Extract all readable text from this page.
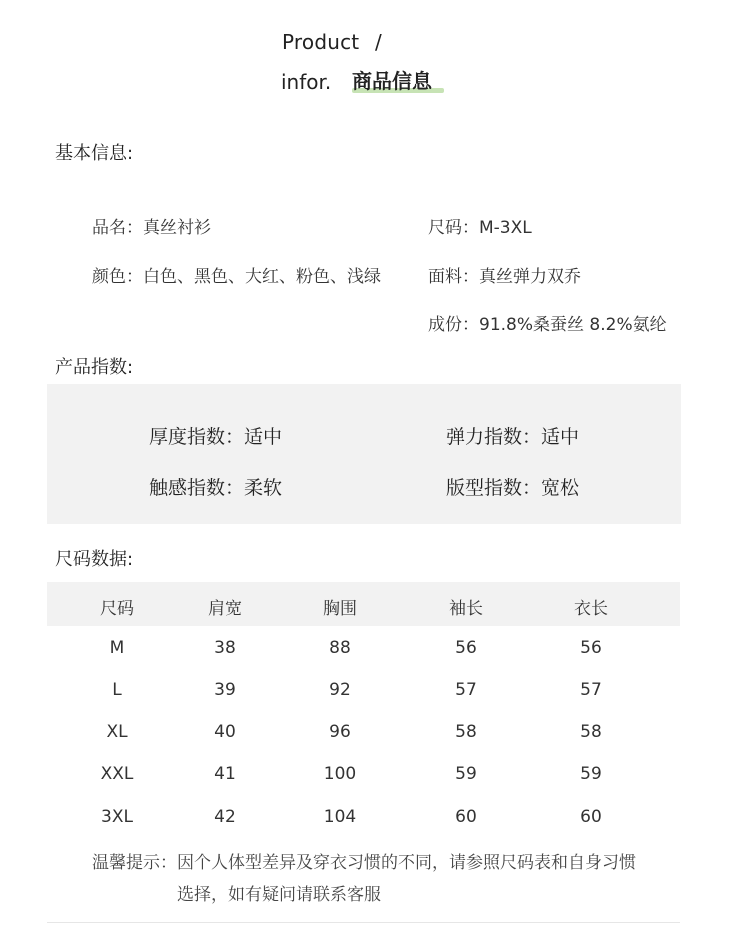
Product /
infor. 商品信息
基本信息:
品名：真丝衬衫	尺码：M-3XL
颜色：白色、黑色、大红、粉色、浅绿	面料：真丝弹力双乔
成份：91.8%桑蚕丝 8.2%氨纶
产品指数:
厚度指数：适中	弹力指数：适中
触感指数：柔软	版型指数：宽松
尺码数据:
尺码	肩宽	胸围	袖长	衣长
M	38	88	56	56
L	39	92	57	57
XL	40	96	58	58
XXL	41	100	59	59
3XL	42	104	60	60
温馨提示：因个人体型差异及穿衣习惯的不同，请参照尺码表和自身习惯
选择，如有疑问请联系客服
